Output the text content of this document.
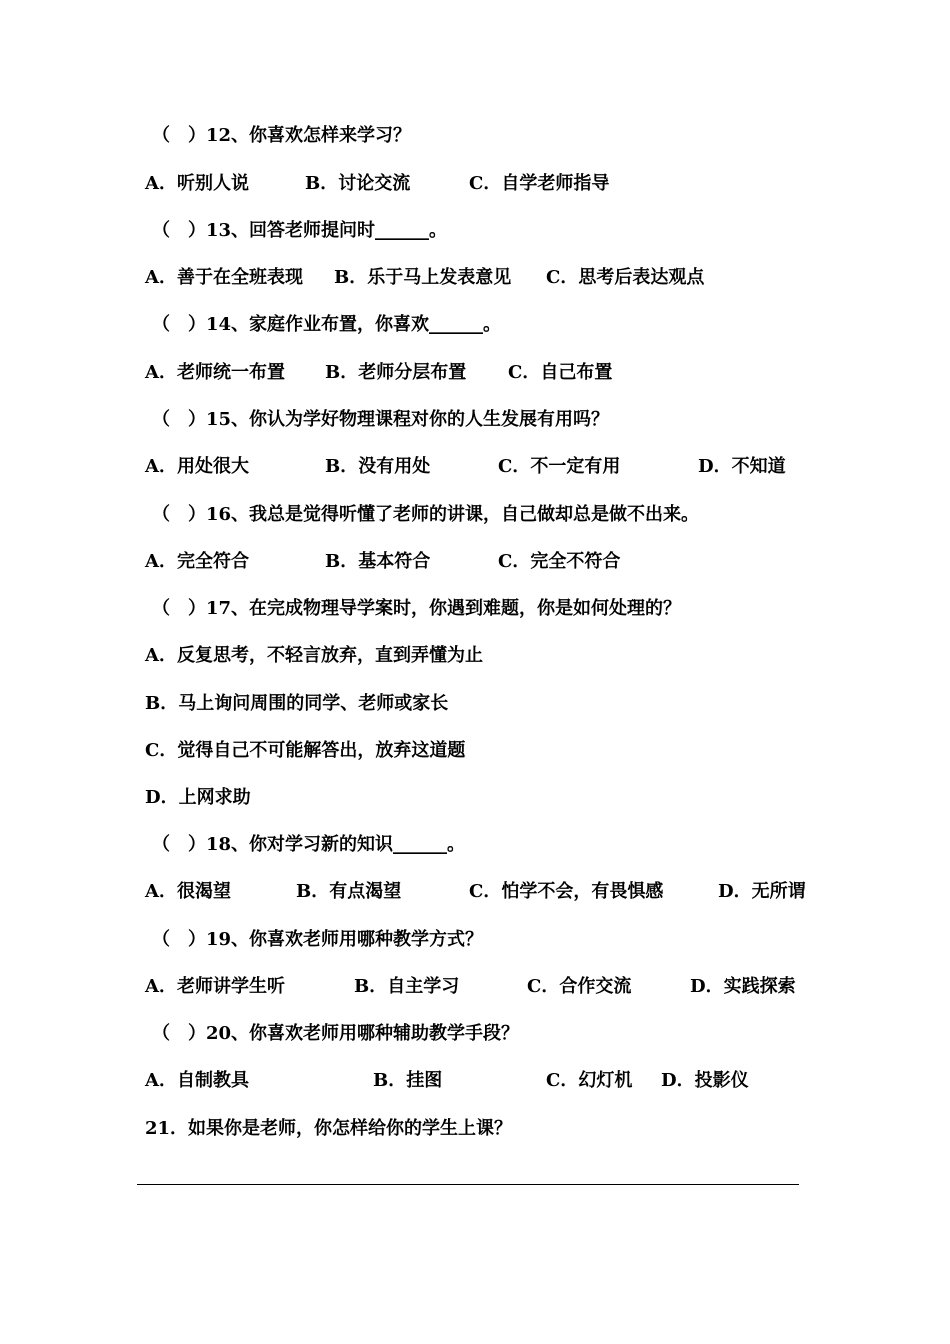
（　）12、你喜欢怎样来学习？
A．听别人说	B．讨论交流	C．自学老师指导
（　）13、回答老师提问时______。
A．善于在全班表现 B．乐于马上发表意见 C．思考后表达观点
（　）14、家庭作业布置，你喜欢______。
A．老师统一布置 B．老师分层布置 C．自己布置
（　）15、你认为学好物理课程对你的人生发展有用吗？
A．用处很大	B．没有用处	C．不一定有用	D．不知道
（　）16、我总是觉得听懂了老师的讲课，自己做却总是做不出来。
A．完全符合	B．基本符合	C．完全不符合
（　）17、在完成物理导学案时，你遇到难题，你是如何处理的？
A．反复思考，不轻言放弃，直到弄懂为止
B．马上询问周围的同学、老师或家长
C．觉得自己不可能解答出，放弃这道题
D．上网求助
（　）18、你对学习新的知识______。
A．很渴望	B．有点渴望	C．怕学不会，有畏惧感	D．无所谓
（　）19、你喜欢老师用哪种教学方式？
A．老师讲学生听	B．自主学习	C．合作交流	D．实践探索
（　）20、你喜欢老师用哪种辅助教学手段？
A．自制教具	B．挂图	C．幻灯机 D．投影仪
21．如果你是老师，你怎样给你的学生上课？
